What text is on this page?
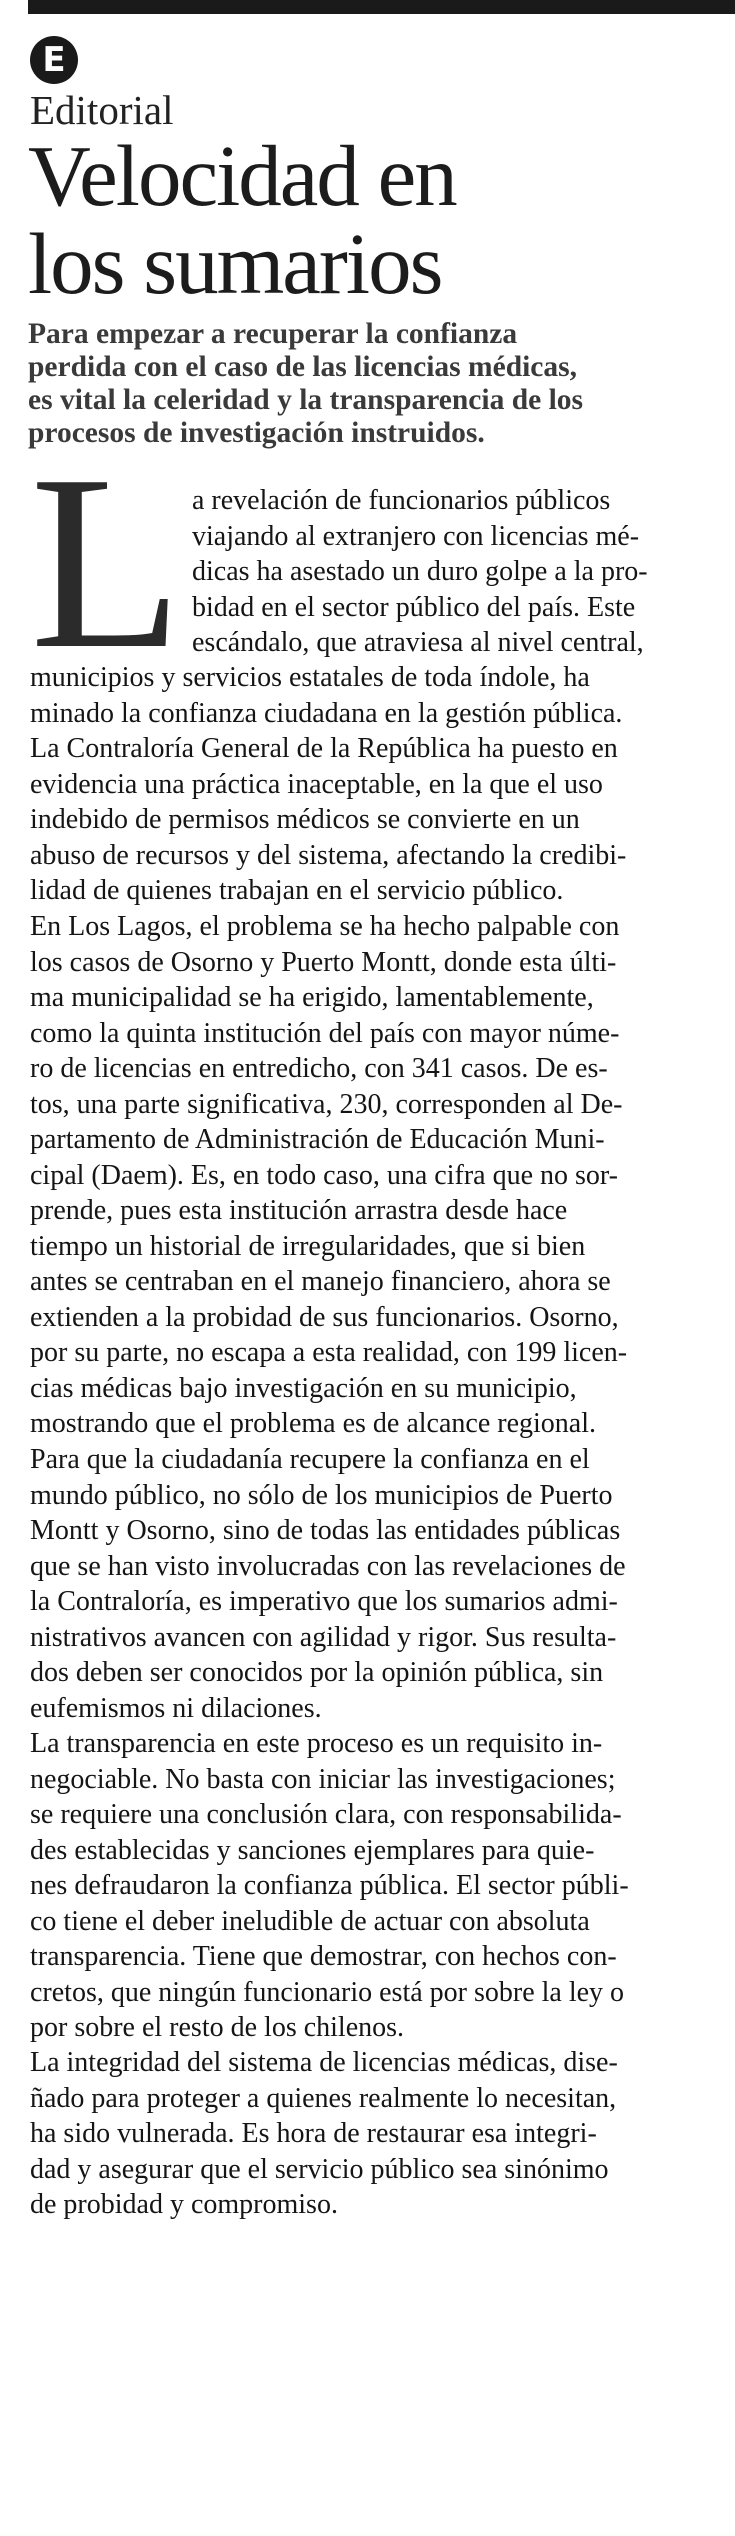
E
Editorial
Velocidad en
los sumarios

Para empezar a recuperar la confianza
perdida con el caso de las licencias médicas,
es vital la celeridad y la transparencia de los
procesos de investigación instruidos.

L a revelación de funcionarios públicos
viajando al extranjero con licencias mé-
dicas ha asestado un duro golpe a la pro-
bidad en el sector público del país. Este
escándalo, que atraviesa al nivel central,
municipios y servicios estatales de toda índole, ha
minado la confianza ciudadana en la gestión pública.
La Contraloría General de la República ha puesto en
evidencia una práctica inaceptable, en la que el uso
indebido de permisos médicos se convierte en un
abuso de recursos y del sistema, afectando la credibi-
lidad de quienes trabajan en el servicio público.
En Los Lagos, el problema se ha hecho palpable con
los casos de Osorno y Puerto Montt, donde esta últi-
ma municipalidad se ha erigido, lamentablemente,
como la quinta institución del país con mayor núme-
ro de licencias en entredicho, con 341 casos. De es-
tos, una parte significativa, 230, corresponden al De-
partamento de Administración de Educación Muni-
cipal (Daem). Es, en todo caso, una cifra que no sor-
prende, pues esta institución arrastra desde hace
tiempo un historial de irregularidades, que si bien
antes se centraban en el manejo financiero, ahora se
extienden a la probidad de sus funcionarios. Osorno,
por su parte, no escapa a esta realidad, con 199 licen-
cias médicas bajo investigación en su municipio,
mostrando que el problema es de alcance regional.
Para que la ciudadanía recupere la confianza en el
mundo público, no sólo de los municipios de Puerto
Montt y Osorno, sino de todas las entidades públicas
que se han visto involucradas con las revelaciones de
la Contraloría, es imperativo que los sumarios admi-
nistrativos avancen con agilidad y rigor. Sus resulta-
dos deben ser conocidos por la opinión pública, sin
eufemismos ni dilaciones.
La transparencia en este proceso es un requisito in-
negociable. No basta con iniciar las investigaciones;
se requiere una conclusión clara, con responsabilida-
des establecidas y sanciones ejemplares para quie-
nes defraudaron la confianza pública. El sector públi-
co tiene el deber ineludible de actuar con absoluta
transparencia. Tiene que demostrar, con hechos con-
cretos, que ningún funcionario está por sobre la ley o
por sobre el resto de los chilenos.
La integridad del sistema de licencias médicas, dise-
ñado para proteger a quienes realmente lo necesitan,
ha sido vulnerada. Es hora de restaurar esa integri-
dad y asegurar que el servicio público sea sinónimo
de probidad y compromiso.
